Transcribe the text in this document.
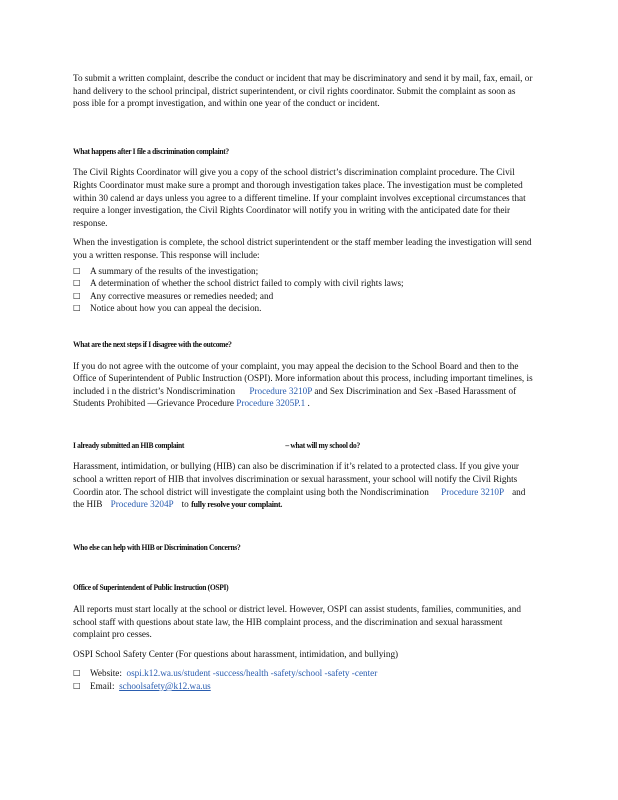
To submit a written complaint, describe the conduct or incident that may be discriminatory and send it by mail, fax, email, or hand delivery to the school principal, district superintendent, or civil rights coordinator. Submit the complaint as soon as poss ible for a prompt investigation, and within one year of the conduct or incident.

What happens after I file a discrimination complaint?

The Civil Rights Coordinator will give you a copy of the school district’s discrimination complaint procedure. The Civil Rights Coordinator must make sure a prompt and thorough investigation takes place. The investigation must be completed within 30 calend ar days unless you agree to a different timeline. If your complaint involves exceptional circumstances that require a longer investigation, the Civil Rights Coordinator will notify you in writing with the anticipated date for their response.

When the investigation is complete, the school district superintendent or the staff member leading the investigation will send you a written response. This response will include:

□ A summary of the results of the investigation;
□ A determination of whether the school district failed to comply with civil rights laws;
□ Any corrective measures or remedies needed; and
□ Notice about how you can appeal the decision.

What are the next steps if I disagree with the outcome?

If you do not agree with the outcome of your complaint, you may appeal the decision to the School Board and then to the Office of Superintendent of Public Instruction (OSPI). More information about this process, including important timelines, is included i n the district’s Nondiscrimination Procedure 3210P and Sex Discrimination and Sex -Based Harassment of Students Prohibited —Grievance Procedure Procedure 3205P.1 .

I already submitted an HIB complaint	– what will my school do?

Harassment, intimidation, or bullying (HIB) can also be discrimination if it’s related to a protected class. If you give your school a written report of HIB that involves discrimination or sexual harassment, your school will notify the Civil Rights Coordin ator. The school district will investigate the complaint using both the Nondiscrimination Procedure 3210P and the HIB Procedure 3204P to fully resolve your complaint.

Who else can help with HIB or Discrimination Concerns?

Office of Superintendent of Public Instruction (OSPI)

All reports must start locally at the school or district level. However, OSPI can assist students, families, communities, and school staff with questions about state law, the HIB complaint process, and the discrimination and sexual harassment complaint pro cesses.

OSPI School Safety Center (For questions about harassment, intimidation, and bullying)

□ Website: ospi.k12.wa.us/student -success/health -safety/school -safety -center
□ Email: schoolsafety@k12.wa.us
